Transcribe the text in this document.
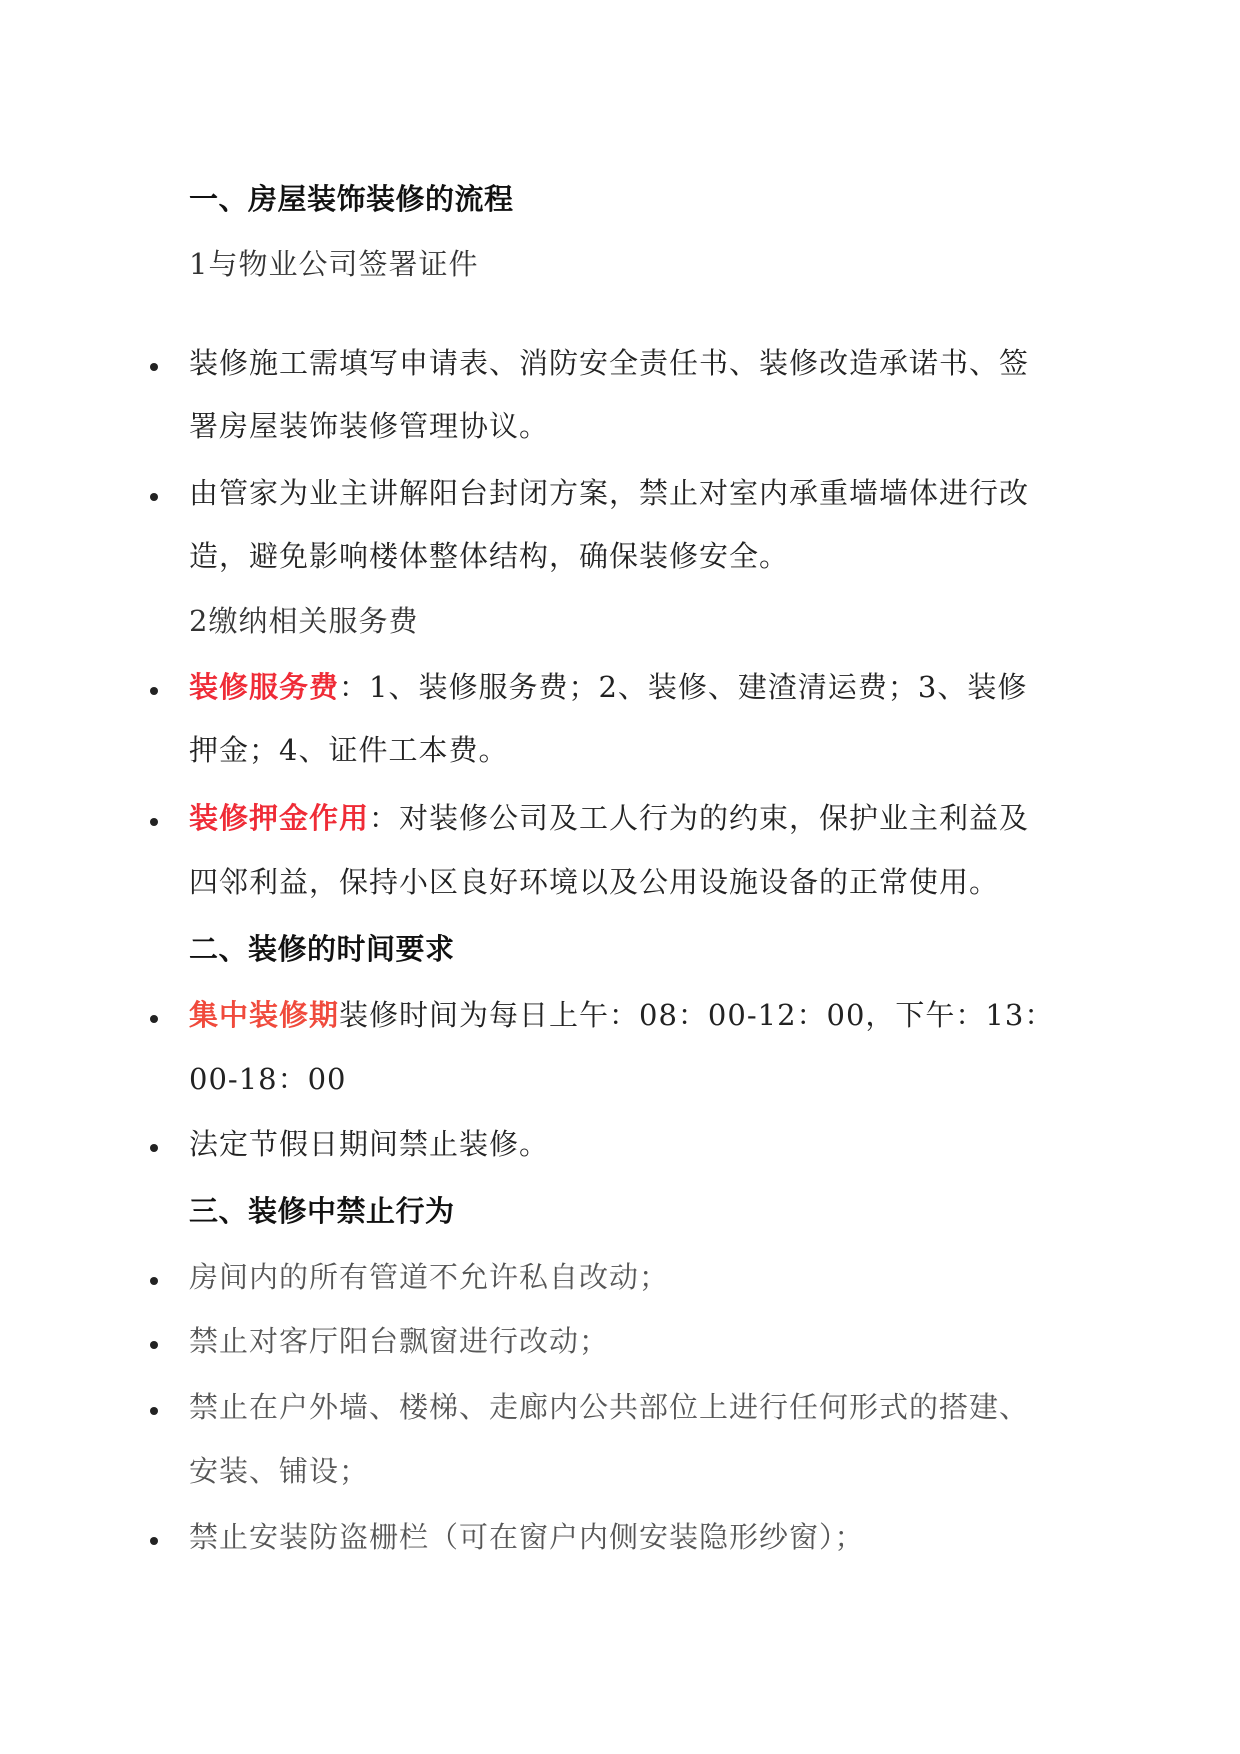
一、房屋装饰装修的流程
1与物业公司签署证件
装修施工需填写申请表、消防安全责任书、装修改造承诺书、签
署房屋装饰装修管理协议。
由管家为业主讲解阳台封闭方案，禁止对室内承重墙墙体进行改
造，避免影响楼体整体结构，确保装修安全。
2缴纳相关服务费
装修服务费：1、装修服务费；2、装修、建渣清运费；3、装修
押金；4、证件工本费。
装修押金作用：对装修公司及工人行为的约束，保护业主利益及
四邻利益，保持小区良好环境以及公用设施设备的正常使用。
二、装修的时间要求
集中装修期装修时间为每日上午：08：00-12：00，下午：13：
00-18：00
法定节假日期间禁止装修。
三、装修中禁止行为
房间内的所有管道不允许私自改动；
禁止对客厅阳台飘窗进行改动；
禁止在户外墙、楼梯、走廊内公共部位上进行任何形式的搭建、
安装、铺设；
禁止安装防盗栅栏（可在窗户内侧安装隐形纱窗）；
